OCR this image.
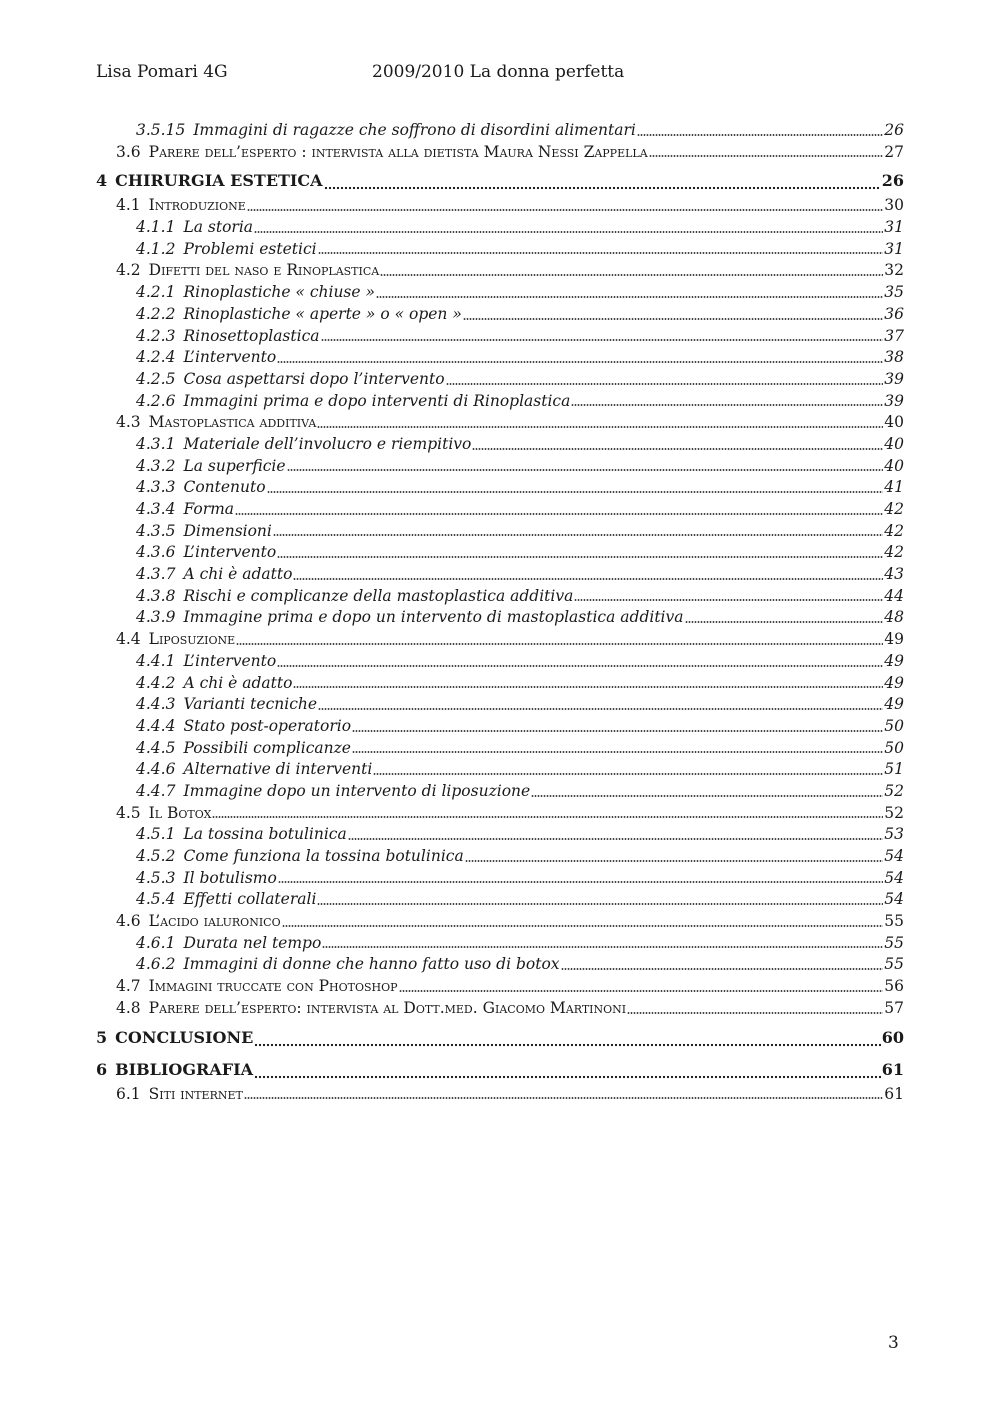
Lisa Pomari 4G	2009/2010 La donna perfetta
3.5.15 Immagini di ragazze che soffrono di disordini alimentari	26
3.6 Parere dell’esperto : intervista alla dietista Maura Nessi Zappella	27
4 CHIRURGIA ESTETICA	26
4.1 Introduzione	30
4.1.1 La storia	31
4.1.2 Problemi estetici	31
4.2 Difetti del naso e Rinoplastica	32
4.2.1 Rinoplastiche « chiuse »	35
4.2.2 Rinoplastiche « aperte » o « open »	36
4.2.3 Rinosettoplastica	37
4.2.4 L’intervento	38
4.2.5 Cosa aspettarsi dopo l’intervento	39
4.2.6 Immagini prima e dopo interventi di Rinoplastica	39
4.3 Mastoplastica additiva	40
4.3.1 Materiale dell’involucro e riempitivo	40
4.3.2 La superficie	40
4.3.3 Contenuto	41
4.3.4 Forma	42
4.3.5 Dimensioni	42
4.3.6 L’intervento	42
4.3.7 A chi è adatto	43
4.3.8 Rischi e complicanze della mastoplastica additiva	44
4.3.9 Immagine prima e dopo un intervento di mastoplastica additiva	48
4.4 Liposuzione	49
4.4.1 L’intervento	49
4.4.2 A chi è adatto	49
4.4.3 Varianti tecniche	49
4.4.4 Stato post-operatorio	50
4.4.5 Possibili complicanze	50
4.4.6 Alternative di interventi	51
4.4.7 Immagine dopo un intervento di liposuzione	52
4.5 Il Botox	52
4.5.1 La tossina botulinica	53
4.5.2 Come funziona la tossina botulinica	54
4.5.3 Il botulismo	54
4.5.4 Effetti collaterali	54
4.6 L’acido ialuronico	55
4.6.1 Durata nel tempo	55
4.6.2 Immagini di donne che hanno fatto uso di botox	55
4.7 Immagini truccate con Photoshop	56
4.8 Parere dell’esperto: intervista al Dott.med. Giacomo Martinoni	57
5 CONCLUSIONE	60
6 BIBLIOGRAFIA	61
6.1 Siti internet	61
3
